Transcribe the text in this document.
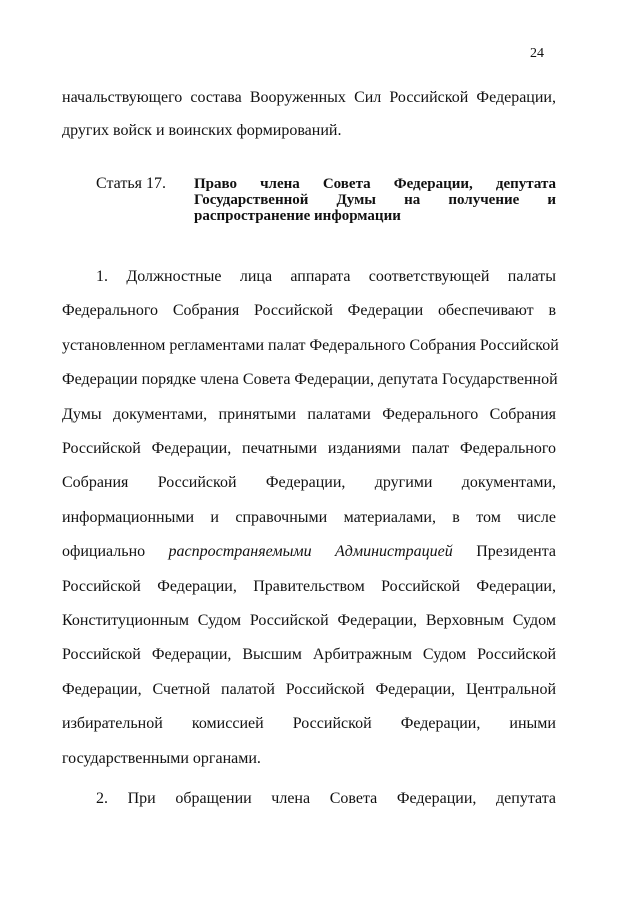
24
начальствующего состава Вооруженных Сил Российской Федерации,
других войск и воинских формирований.
Статья 17. Право члена Совета Федерации, депутата
Государственной Думы на получение и
распространение информации
1. Должностные лица аппарата соответствующей палаты
Федерального Собрания Российской Федерации обеспечивают в
установленном регламентами палат Федерального Собрания Российской
Федерации порядке члена Совета Федерации, депутата Государственной
Думы документами, принятыми палатами Федерального Собрания
Российской Федерации, печатными изданиями палат Федерального
Собрания Российской Федерации, другими документами,
информационными и справочными материалами, в том числе
официально распространяемыми Администрацией Президента
Российской Федерации, Правительством Российской Федерации,
Конституционным Судом Российской Федерации, Верховным Судом
Российской Федерации, Высшим Арбитражным Судом Российской
Федерации, Счетной палатой Российской Федерации, Центральной
избирательной комиссией Российской Федерации, иными
государственными органами.
2. При обращении члена Совета Федерации, депутата
